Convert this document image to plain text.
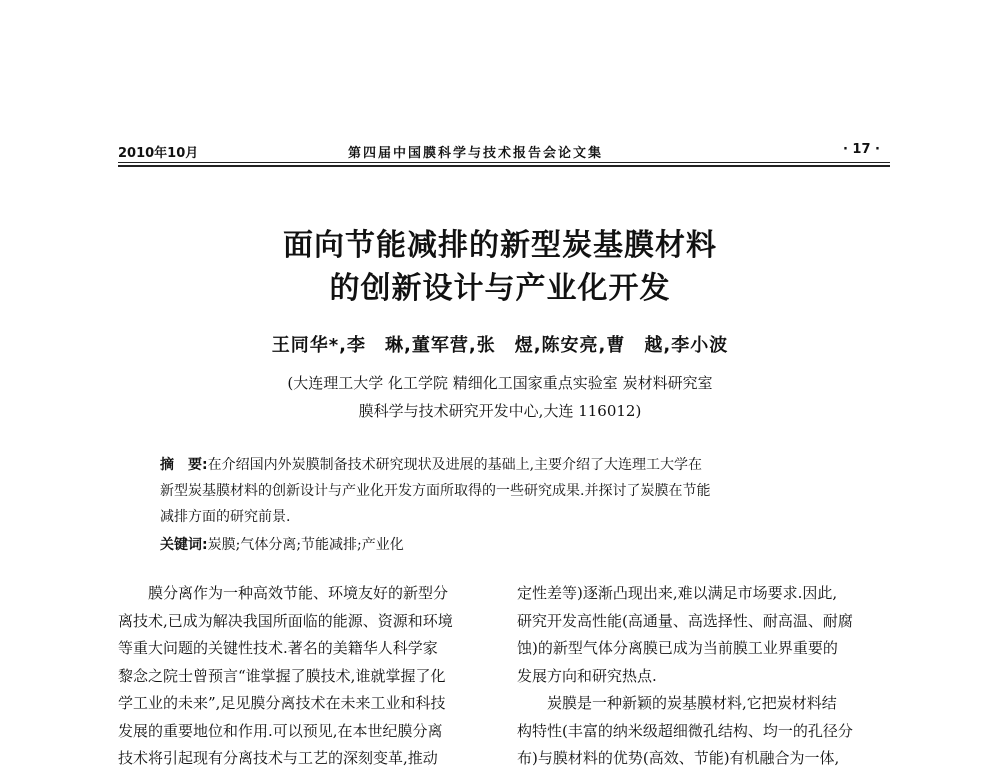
2010年10月	第四届中国膜科学与技术报告会论文集	· 17 ·
面向节能减排的新型炭基膜材料
的创新设计与产业化开发
王同华*,李　琳,董军营,张　煜,陈安亮,曹　越,李小波
(大连理工大学 化工学院 精细化工国家重点实验室 炭材料研究室
膜科学与技术研究开发中心,大连 116012)
摘　要:在介绍国内外炭膜制备技术研究现状及进展的基础上,主要介绍了大连理工大学在
新型炭基膜材料的创新设计与产业化开发方面所取得的一些研究成果.并探讨了炭膜在节能
减排方面的研究前景.
关键词:炭膜;气体分离;节能减排;产业化
膜分离作为一种高效节能、环境友好的新型分
离技术,已成为解决我国所面临的能源、资源和环境
等重大问题的关键性技术.著名的美籍华人科学家
黎念之院士曾预言“谁掌握了膜技术,谁就掌握了化
学工业的未来”,足见膜分离技术在未来工业和科技
发展的重要地位和作用.可以预见,在本世纪膜分离
技术将引起现有分离技术与工艺的深刻变革,推动
定性差等)逐渐凸现出来,难以满足市场要求.因此,
研究开发高性能(高通量、高选择性、耐高温、耐腐
蚀)的新型气体分离膜已成为当前膜工业界重要的
发展方向和研究热点.
炭膜是一种新颖的炭基膜材料,它把炭材料结
构特性(丰富的纳米级超细微孔结构、均一的孔径分
布)与膜材料的优势(高效、节能)有机融合为一体,
